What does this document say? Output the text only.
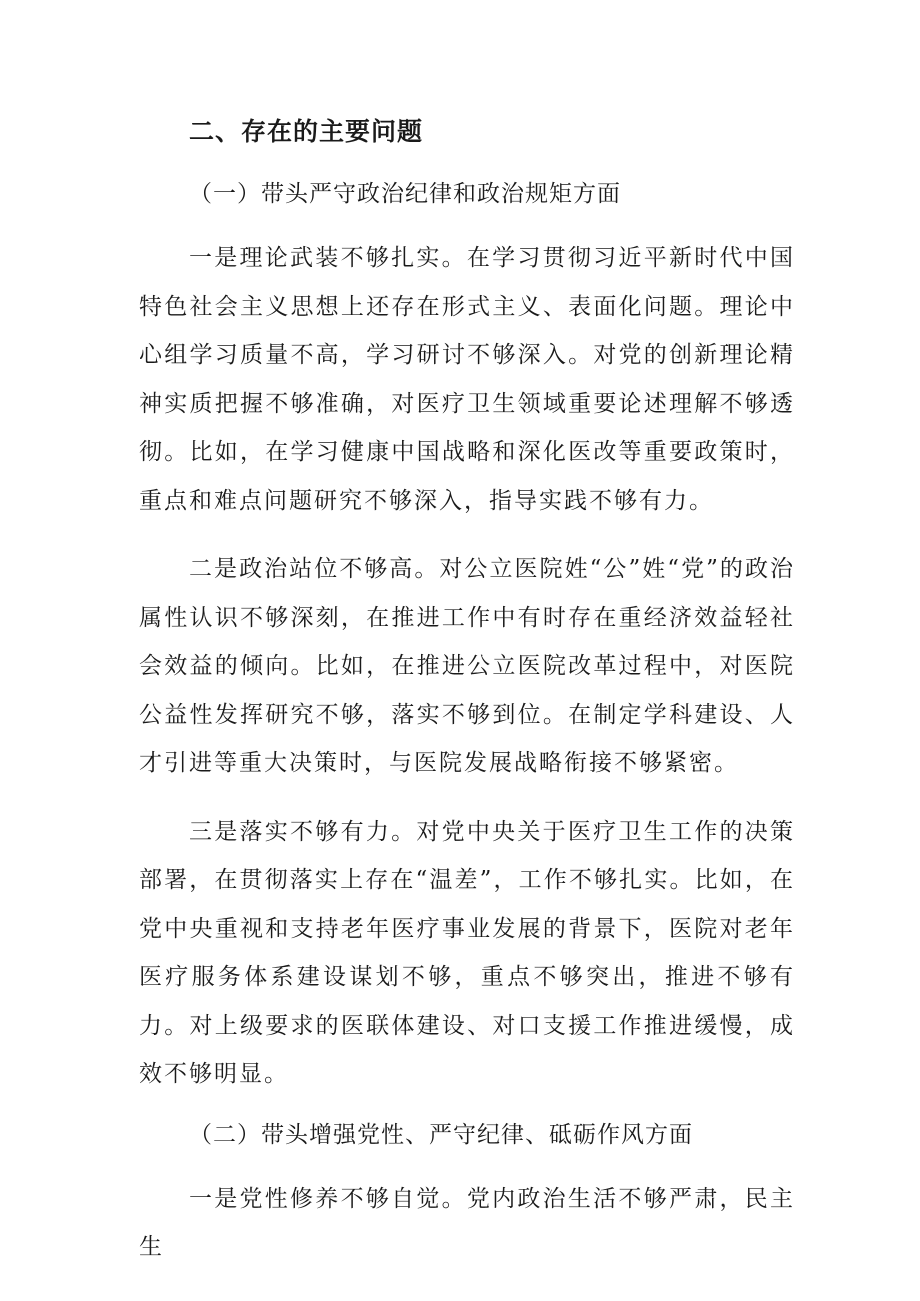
二、存在的主要问题

（一）带头严守政治纪律和政治规矩方面

一是理论武装不够扎实。在学习贯彻习近平新时代中国特色社会主义思想上还存在形式主义、表面化问题。理论中心组学习质量不高，学习研讨不够深入。对党的创新理论精神实质把握不够准确，对医疗卫生领域重要论述理解不够透彻。比如，在学习健康中国战略和深化医改等重要政策时，重点和难点问题研究不够深入，指导实践不够有力。

二是政治站位不够高。对公立医院姓“公”姓“党”的政治属性认识不够深刻，在推进工作中有时存在重经济效益轻社会效益的倾向。比如，在推进公立医院改革过程中，对医院公益性发挥研究不够，落实不够到位。在制定学科建设、人才引进等重大决策时，与医院发展战略衔接不够紧密。

三是落实不够有力。对党中央关于医疗卫生工作的决策部署，在贯彻落实上存在“温差”，工作不够扎实。比如，在党中央重视和支持老年医疗事业发展的背景下，医院对老年医疗服务体系建设谋划不够，重点不够突出，推进不够有力。对上级要求的医联体建设、对口支援工作推进缓慢，成效不够明显。

（二）带头增强党性、严守纪律、砥砺作风方面

一是党性修养不够自觉。党内政治生活不够严肃，民主生
